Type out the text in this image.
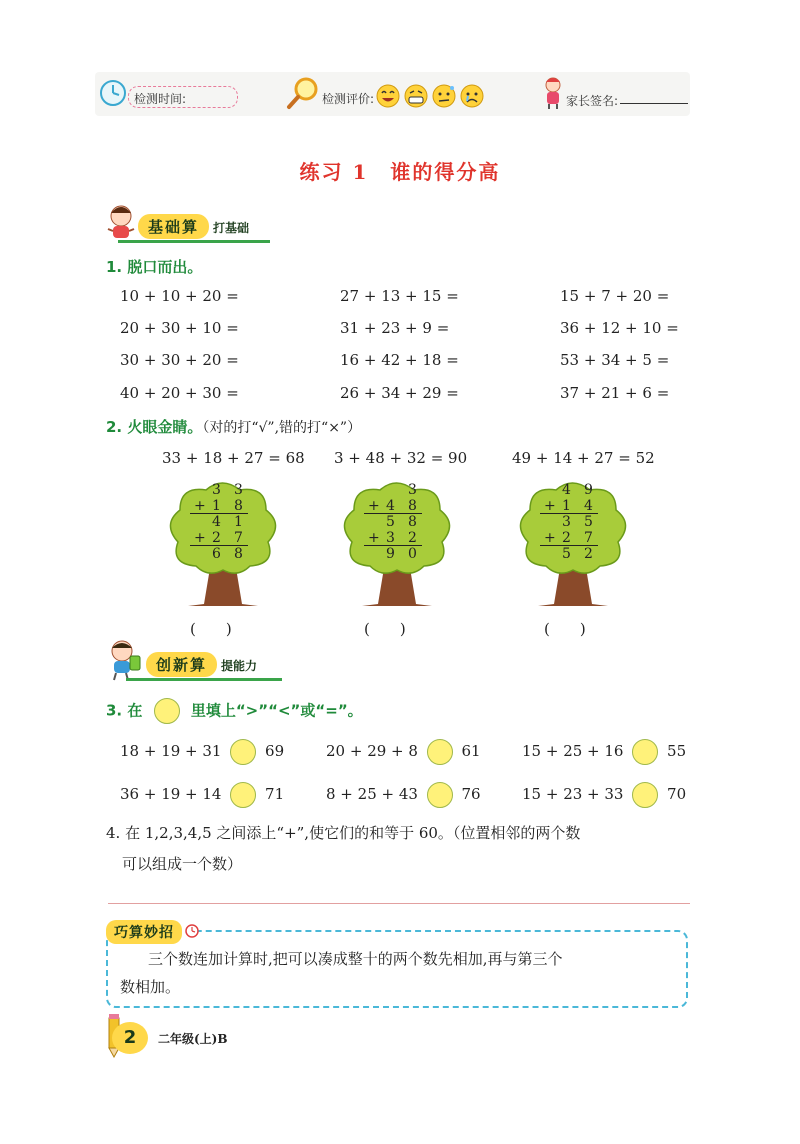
检测时间:	检测评价:	家长签名:
练习 1　谁的得分高
基础算 打基础
1. 脱口而出。
10 + 10 + 20 =	27 + 13 + 15 =	15 + 7 + 20 =
20 + 30 + 10 =	31 + 23 + 9 =	36 + 12 + 10 =
30 + 30 + 20 =	16 + 42 + 18 =	53 + 34 + 5 =
40 + 20 + 30 =	26 + 34 + 29 =	37 + 21 + 6 =
2. 火眼金睛。（对的打“√”,错的打“×”）
33 + 18 + 27 = 68 3 + 48 + 32 = 90	49 + 14 + 27 = 52
3 3
+ 1 8
4 1
+ 2 7
6 8
3
+ 4 8
5 8
+ 3 2
9 0
4 9
+ 1 4
3 5
+ 2 7
5 2
(　　)	(　　)	(　　)
创新算 提能力
3. 在	里填上“>”“<”或“=”。
18 + 19 + 31	69	20 + 29 + 8	61	15 + 25 + 16	55
36 + 19 + 14	71	8 + 25 + 43	76	15 + 23 + 33	70
4. 在 1,2,3,4,5 之间添上“+”,使它们的和等于 60。（位置相邻的两个数
可以组成一个数）
巧算妙招
三个数连加计算时,把可以凑成整十的两个数先相加,再与第三个
数相加。
2	二年级(上)B
